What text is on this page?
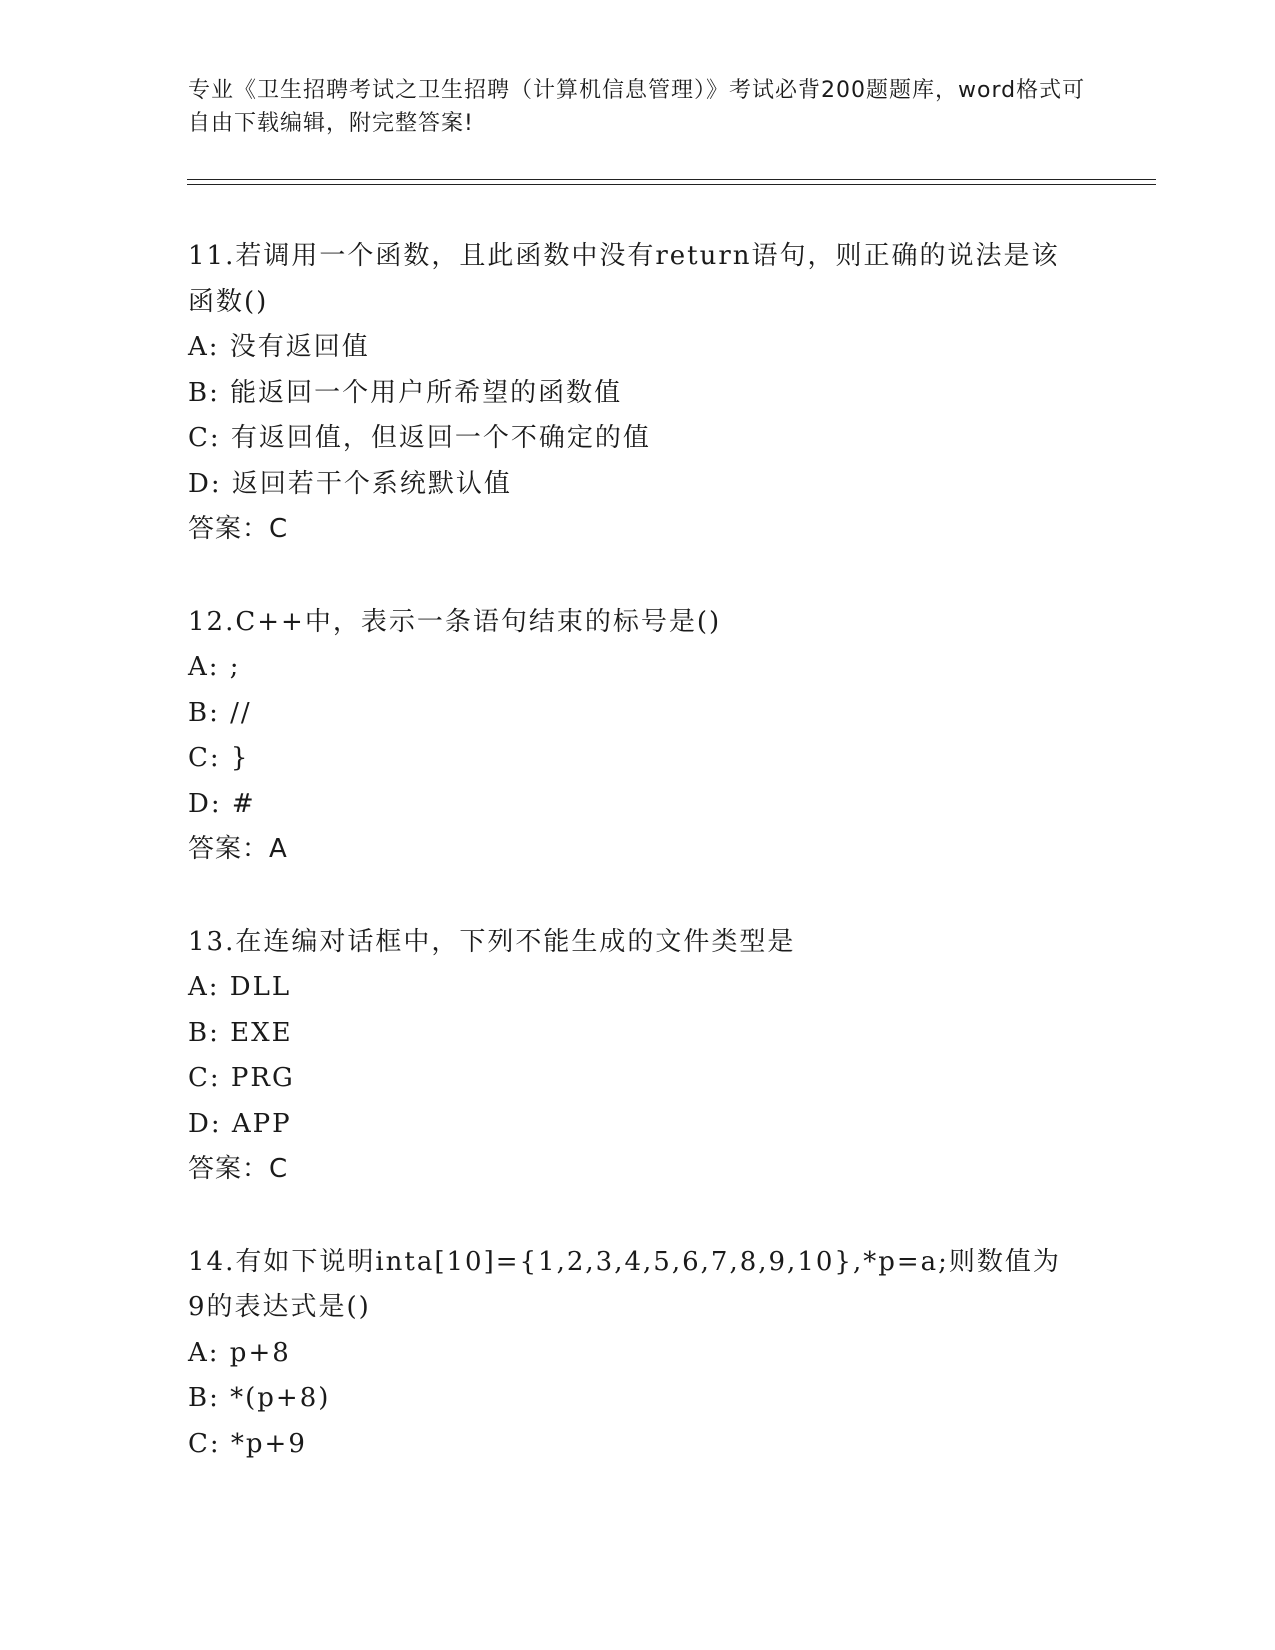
专业《卫生招聘考试之卫生招聘（计算机信息管理）》考试必背200题题库，word格式可自由下载编辑，附完整答案!
11.若调用一个函数，且此函数中没有return语句，则正确的说法是该函数()
A: 没有返回值
B: 能返回一个用户所希望的函数值
C: 有返回值，但返回一个不确定的值
D: 返回若干个系统默认值
答案：C
12.C++中，表示一条语句结束的标号是()
A: ;
B: //
C: }
D: #
答案：A
13.在连编对话框中，下列不能生成的文件类型是
A: DLL
B: EXE
C: PRG
D: APP
答案：C
14.有如下说明inta[10]={1,2,3,4,5,6,7,8,9,10},*p=a;则数值为9的表达式是()
A: p+8
B: *(p+8)
C: *p+9
